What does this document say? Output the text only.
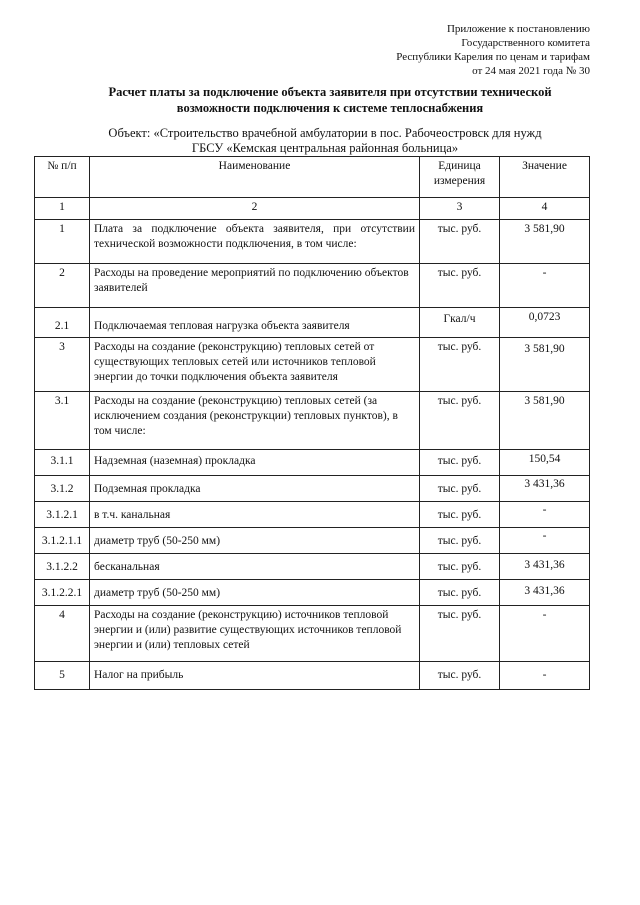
Приложение к постановлению
Государственного комитета
Республики Карелия по ценам и тарифам
от 24 мая 2021 года № 30
Расчет платы за подключение объекта заявителя при отсутствии технической
возможности подключения к системе теплоснабжения
Объект: «Строительство врачебной амбулатории в пос. Рабочеостровск для нужд
ГБСУ «Кемская центральная районная больница»
№ п/п	Наименование	Единица измерения	Значение
1	2	3	4
1	Плата за подключение объекта заявителя, при отсутствии технической возможности подключения, в том числе:	тыс. руб.	3 581,90
2	Расходы на проведение мероприятий по подключению объектов заявителей	тыс. руб.	-
2.1	Подключаемая тепловая нагрузка объекта заявителя	Гкал/ч	0,0723
3	Расходы на создание (реконструкцию) тепловых сетей от существующих тепловых сетей или источников тепловой энергии до точки подключения объекта заявителя	тыс. руб.	3 581,90
3.1	Расходы на создание (реконструкцию) тепловых сетей (за исключением создания (реконструкции) тепловых пунктов), в том числе:	тыс. руб.	3 581,90
3.1.1	Надземная (наземная) прокладка	тыс. руб.	150,54
3.1.2	Подземная прокладка	тыс. руб.	3 431,36
3.1.2.1	в т.ч. канальная	тыс. руб.	-
3.1.2.1.1	диаметр труб (50-250 мм)	тыс. руб.	-
3.1.2.2	бесканальная	тыс. руб.	3 431,36
3.1.2.2.1	диаметр труб (50-250 мм)	тыс. руб.	3 431,36
4	Расходы на создание (реконструкцию) источников тепловой энергии и (или) развитие существующих источников тепловой энергии и (или) тепловых сетей	тыс. руб.	-
5	Налог на прибыль	тыс. руб.	-
